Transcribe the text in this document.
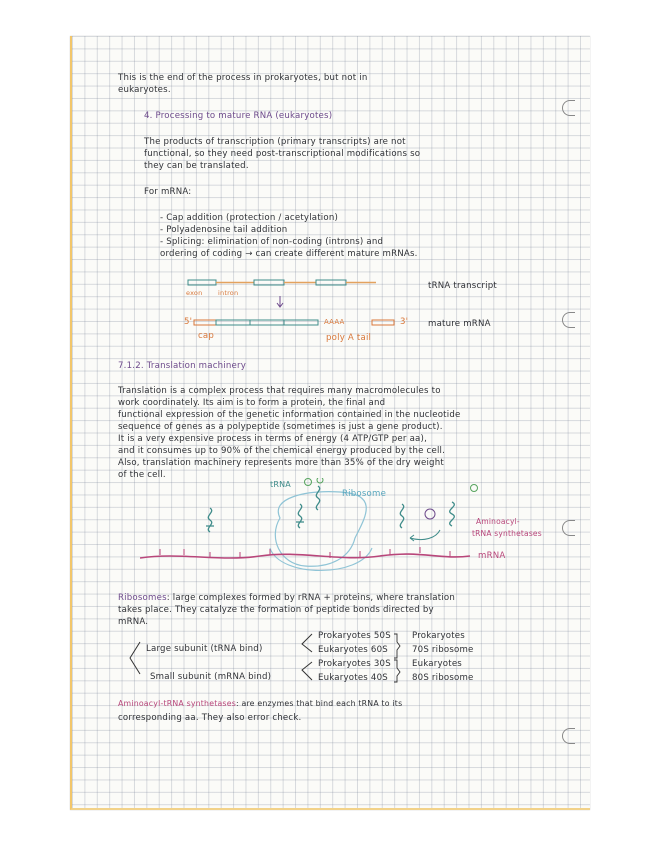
This is the end of the process in prokaryotes, but not in
eukaryotes.
4. Processing to mature RNA (eukaryotes)
The products of transcription (primary transcripts) are not
functional, so they need post-transcriptional modifications so
they can be translated.
For mRNA:
- Cap addition (protection / acetylation)
- Polyadenosine tail addition
- Splicing: elimination of non-coding (introns) and
ordering of coding → can create different mature mRNAs.
exon intron
tRNA transcript
5'	AAAA	3' mature mRNA
cap	poly A tail
7.1.2. Translation machinery
Translation is a complex process that requires many macromolecules to
work coordinately. Its aim is to form a protein, the final and
functional expression of the genetic information contained in the nucleotide
sequence of genes as a polypeptide (sometimes is just a gene product).
It is a very expensive process in terms of energy (4 ATP/GTP per aa),
and it consumes up to 90% of the chemical energy produced by the cell.
Also, translation machinery represents more than 35% of the dry weight
of the cell.
tRNA
Ribosome
Aminoacyl-
tRNA synthetases
mRNA
Ribosomes: large complexes formed by rRNA + proteins, where translation
takes place. They catalyze the formation of peptide bonds directed by
mRNA.
Large subunit (tRNA bind)
Small subunit (mRNA bind)
Prokaryotes 50S
Eukaryotes 60S
Prokaryotes 30S
Eukaryotes 40S
Prokaryotes
70S ribosome
Eukaryotes
80S ribosome
Aminoacyl-tRNA synthetases: are enzymes that bind each tRNA to its
corresponding aa. They also error check.
